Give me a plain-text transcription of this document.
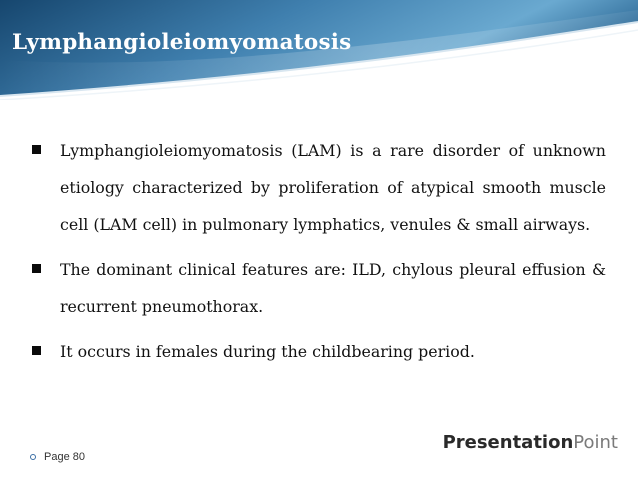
Lymphangioleiomyomatosis
Lymphangioleiomyomatosis (LAM) is a rare disorder of unknown etiology characterized by proliferation of atypical smooth muscle cell (LAM cell) in pulmonary lymphatics, venules & small airways.
The dominant clinical features are: ILD, chylous pleural effusion & recurrent pneumothorax.
It occurs in females during the childbearing period.
PresentationPoint
Page 80
